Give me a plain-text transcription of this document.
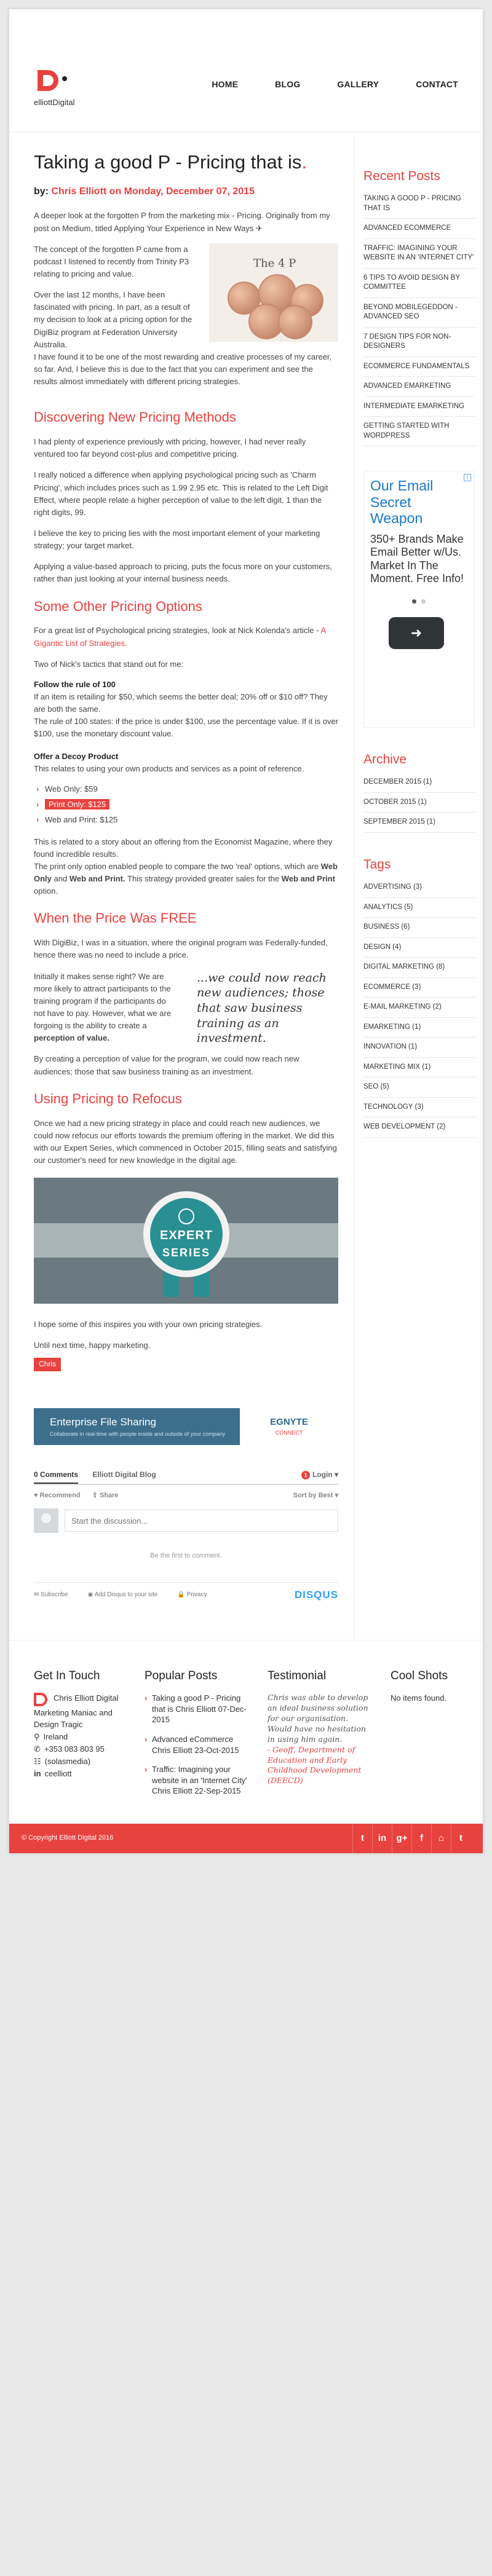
elliottDigital
HOME	BLOG	GALLERY	CONTACT
Taking a good P - Pricing that is.
by: Chris Elliott on Monday, December 07, 2015

A deeper look at the forgotten P from the marketing mix - Pricing. Originally from my post on Medium, titled Applying Your Experience in New Ways ✈

The 4 P

The concept of the forgotten P came from a podcast I listened to recently from Trinity P3 relating to pricing and value.

Over the last 12 months, I have been fascinated with pricing. In part, as a result of my decision to look at a pricing option for the DigiBiz program at Federation University Australia.

I have found it to be one of the most rewarding and creative processes of my career, so far. And, I believe this is due to the fact that you can experiment and see the results almost immediately with different pricing strategies.

Discovering New Pricing Methods

I had plenty of experience previously with pricing, however, I had never really ventured too far beyond cost-plus and competitive pricing.

I really noticed a difference when applying psychological pricing such as 'Charm Pricing', which includes prices such as 1.99 2.95 etc. This is related to the Left Digit Effect, where people relate a higher perception of value to the left digit, 1 than the right digits, 99.

I believe the key to pricing lies with the most important element of your marketing strategy; your target market.

Applying a value-based approach to pricing, puts the focus more on your customers, rather than just looking at your internal business needs.

Some Other Pricing Options

For a great list of Psychological pricing strategies, look at Nick Kolenda's article - A Gigantic List of Strategies.

Two of Nick's tactics that stand out for me:

Follow the rule of 100

If an item is retailing for $50, which seems the better deal; 20% off or $10 off? They are both the same.
The rule of 100 states: if the price is under $100, use the percentage value. If it is over $100, use the monetary discount value.

Offer a Decoy Product

This relates to using your own products and services as a point of reference.

› Web Only: $59
› Print Only: $125
› Web and Print: $125

This is related to a story about an offering from the Economist Magazine, where they found incredible results.

The print only option enabled people to compare the two 'real' options, which are Web Only and Web and Print. This strategy provided greater sales for the Web and Print option.

When the Price Was FREE

With DigiBiz, I was in a situation, where the original program was Federally-funded, hence there was no need to include a price.

...we could now reach new audiences; those that saw business training as an investment.

Initially it makes sense right? We are more likely to attract participants to the training program if the participants do not have to pay. However, what we are forgoing is the ability to create a perception of value.

By creating a perception of value for the program, we could now reach new audiences; those that saw business training as an investment.

Using Pricing to Refocus

Once we had a new pricing strategy in place and could reach new audiences, we could now refocus our efforts towards the premium offering in the market. We did this with our Expert Series, which commenced in October 2015, filling seats and satisfying our customer's need for new knowledge in the digital age.

EXPERT
SERIES

I hope some of this inspires you with your own pricing strategies.

Until next time, happy marketing.

Chris
Enterprise File Sharing
Collaborate in real-time with people inside and outside of your company
EGNYTE
CONNECT
0 Comments Elliott Digital Blog	1 Login ▾
♥ Recommend ⇪ Share	Sort by Best ▾
Start the discussion...
Be the first to comment.
✉ Subscribe	◉ Add Disqus to your site	🔒 Privacy	DISQUS
Recent Posts
TAKING A GOOD P - PRICING THAT IS
ADVANCED ECOMMERCE
TRAFFIC: IMAGINING YOUR WEBSITE IN AN 'INTERNET CITY'
6 TIPS TO AVOID DESIGN BY COMMITTEE
BEYOND MOBILEGEDDON - ADVANCED SEO
7 DESIGN TIPS FOR NON-DESIGNERS
ECOMMERCE FUNDAMENTALS
ADVANCED EMARKETING
INTERMEDIATE EMARKETING
GETTING STARTED WITH WORDPRESS
i
Our Email Secret Weapon
350+ Brands Make Email Better w/Us. Market In The Moment. Free Info!
➜
Archive
DECEMBER 2015 (1)
OCTOBER 2015 (1)
SEPTEMBER 2015 (1)
Tags
ADVERTISING (3)
ANALYTICS (5)
BUSINESS (6)
DESIGN (4)
DIGITAL MARKETING (8)
ECOMMERCE (3)
E-MAIL MARKETING (2)
EMARKETING (1)
INNOVATION (1)
MARKETING MIX (1)
SEO (5)
TECHNOLOGY (3)
WEB DEVELOPMENT (2)
Get In Touch
Chris Elliott Digital
Marketing Maniac and Design Tragic
⚲ Ireland
✆ +353 083 803 95
☷ (solasmedia)
in ceelliott
Popular Posts
› Taking a good P - Pricing that is Chris Elliott 07-Dec-2015
› Advanced eCommerce Chris Elliott 23-Oct-2015
› Traffic: Imagining your website in an 'Internet City' Chris Elliott 22-Sep-2015
Testimonial
Chris was able to develop an ideal business solution for our organisation. Would have no hesitation in using him again.
- Geoff, Department of Education and Early Childhood Development (DEECD)
Cool Shots
No items found.
© Copyright Elliott Digital 2016	t	in	g+	f	⌂	t
